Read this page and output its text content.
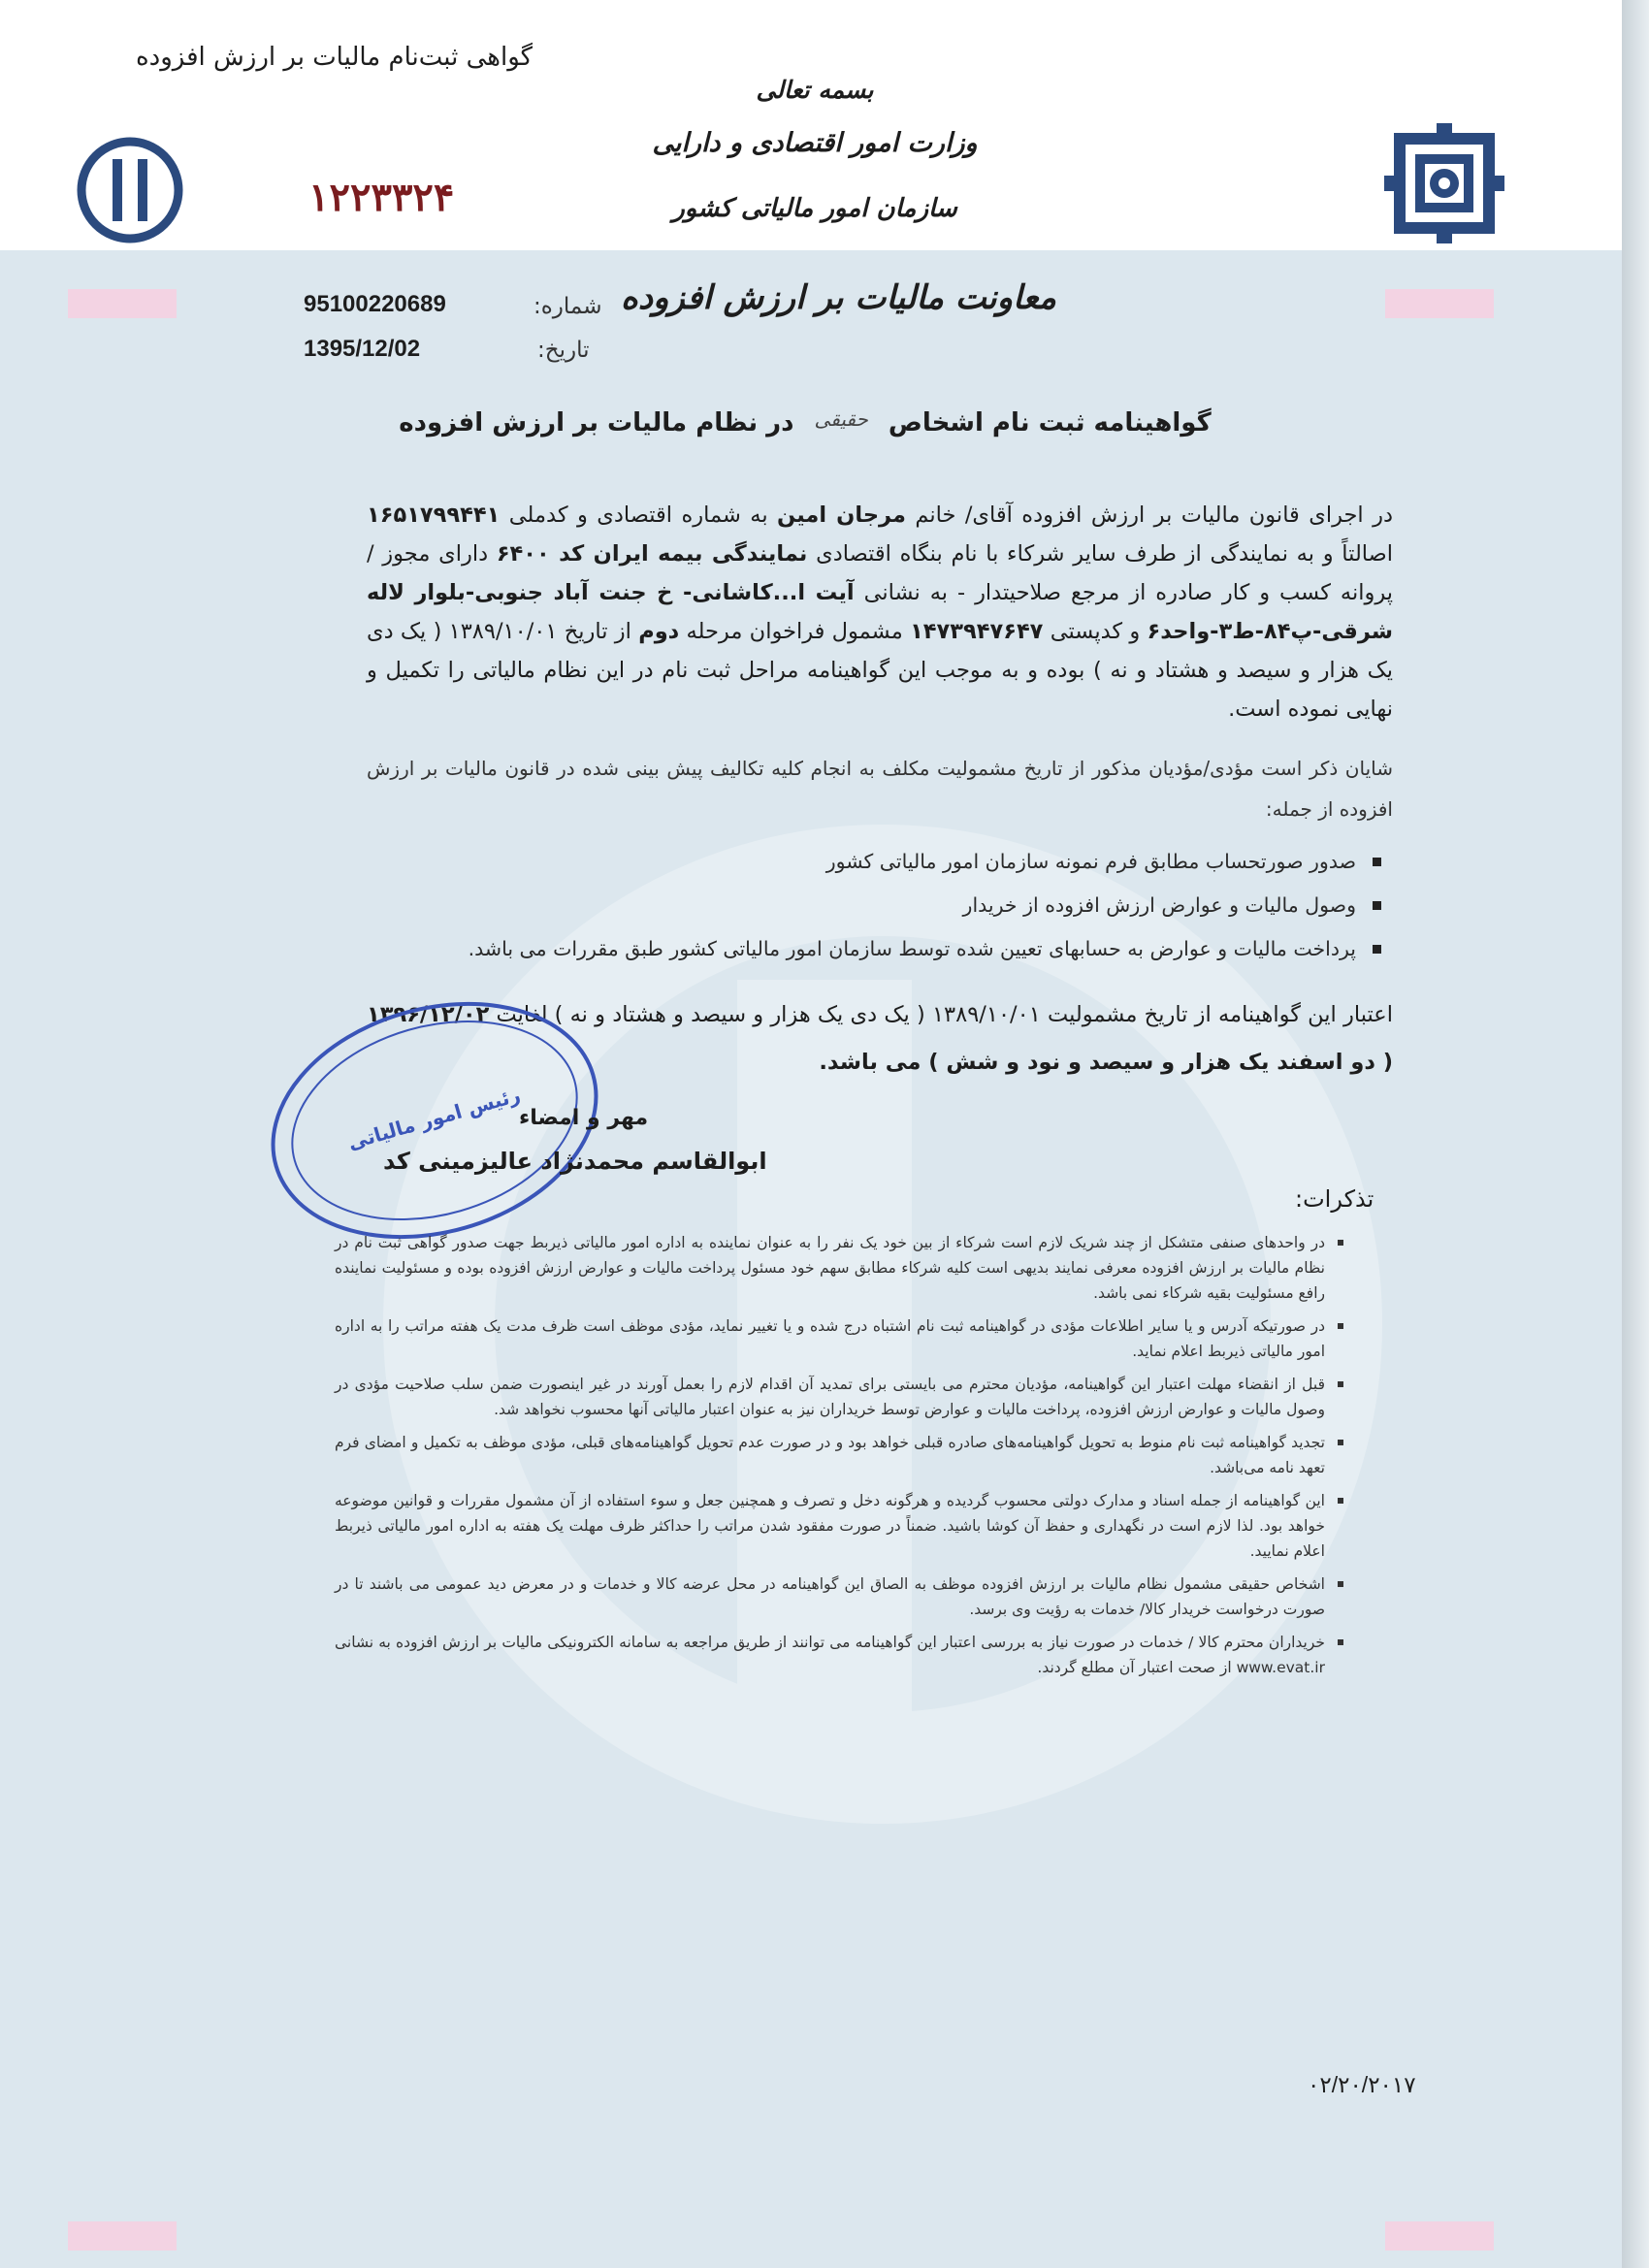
گواهی ثبت‌نام مالیات بر ارزش افزوده
۱۲۲۳۳۲۴
بسمه تعالی
وزارت امور اقتصادی و دارایی
سازمان امور مالیاتی کشور
معاونت مالیات بر ارزش افزوده
شماره:
95100220689
تاریخ:
1395/12/02
گواهینامه ثبت نام اشخاص حقیقی در نظام مالیات بر ارزش افزوده
در اجرای قانون مالیات بر ارزش افزوده آقای/ خانم مرجان امین به شماره اقتصادی و کدملی ۱۶۵۱۷۹۹۴۴۱ اصالتاً و به نمایندگی از طرف سایر شرکاء با نام بنگاه اقتصادی نمایندگی بیمه ایران کد ۶۴۰۰ دارای مجوز / پروانه کسب و کار صادره از مرجع صلاحیتدار - به نشانی آیت ا...کاشانی- خ جنت آباد جنوبی-بلوار لاله شرقی-پ۸۴-ط۳-واحد۶ و کدپستی ۱۴۷۳۹۴۷۶۴۷ مشمول فراخوان مرحله دوم از تاریخ ۱۳۸۹/۱۰/۰۱ ( یک دی یک هزار و سیصد و هشتاد و نه ) بوده و به موجب این گواهینامه مراحل ثبت نام در این نظام مالیاتی را تکمیل و نهایی نموده است.
شایان ذکر است مؤدی/مؤدیان مذکور از تاریخ مشمولیت مکلف به انجام کلیه تکالیف پیش بینی شده در قانون مالیات بر ارزش افزوده از جمله:
صدور صورتحساب مطابق فرم نمونه سازمان امور مالیاتی کشور
وصول مالیات و عوارض ارزش افزوده از خریدار
پرداخت مالیات و عوارض به حسابهای تعیین شده توسط سازمان امور مالیاتی کشور طبق مقررات می باشد.
اعتبار این گواهینامه از تاریخ مشمولیت ۱۳۸۹/۱۰/۰۱ ( یک دی یک هزار و سیصد و هشتاد و نه ) لغایت ۱۳۹۶/۱۲/۰۲ ( دو اسفند یک هزار و سیصد و نود و شش ) می باشد.
رئیس امور مالیاتی
مهر و امضاء
ابوالقاسم محمدنژاد عالیزمینی کد
تذکرات:
در واحدهای صنفی متشکل از چند شریک لازم است شرکاء از بین خود یک نفر را به عنوان نماینده به اداره امور مالیاتی ذیربط جهت صدور گواهی ثبت نام در نظام مالیات بر ارزش افزوده معرفی نمایند بدیهی است کلیه شرکاء مطابق سهم خود مسئول پرداخت مالیات و عوارض ارزش افزوده بوده و مسئولیت نماینده رافع مسئولیت بقیه شرکاء نمی باشد.
در صورتیکه آدرس و یا سایر اطلاعات مؤدی در گواهینامه ثبت نام اشتباه درج شده و یا تغییر نماید، مؤدی موظف است ظرف مدت یک هفته مراتب را به اداره امور مالیاتی ذیربط اعلام نماید.
قبل از انقضاء مهلت اعتبار این گواهینامه، مؤدیان محترم می بایستی برای تمدید آن اقدام لازم را بعمل آورند در غیر اینصورت ضمن سلب صلاحیت مؤدی در وصول مالیات و عوارض ارزش افزوده، پرداخت مالیات و عوارض توسط خریداران نیز به عنوان اعتبار مالیاتی آنها محسوب نخواهد شد.
تجدید گواهینامه ثبت نام منوط به تحویل گواهینامه‌های صادره قبلی خواهد بود و در صورت عدم تحویل گواهینامه‌های قبلی، مؤدی موظف به تکمیل و امضای فرم تعهد نامه می‌باشد.
این گواهینامه از جمله اسناد و مدارک دولتی محسوب گردیده و هرگونه دخل و تصرف و همچنین جعل و سوء استفاده از آن مشمول مقررات و قوانین موضوعه خواهد بود. لذا لازم است در نگهداری و حفظ آن کوشا باشید. ضمناً در صورت مفقود شدن مراتب را حداکثر ظرف مهلت یک هفته به اداره امور مالیاتی ذیربط اعلام نمایید.
اشخاص حقیقی مشمول نظام مالیات بر ارزش افزوده موظف به الصاق این گواهینامه در محل عرضه کالا و خدمات و در معرض دید عمومی می باشند تا در صورت درخواست خریدار کالا/ خدمات به رؤیت وی برسد.
خریداران محترم کالا / خدمات در صورت نیاز به بررسی اعتبار این گواهینامه می توانند از طریق مراجعه به سامانه الکترونیکی مالیات بر ارزش افزوده به نشانی www.evat.ir از صحت اعتبار آن مطلع گردند.
۰۲/۲۰/۲۰۱۷
